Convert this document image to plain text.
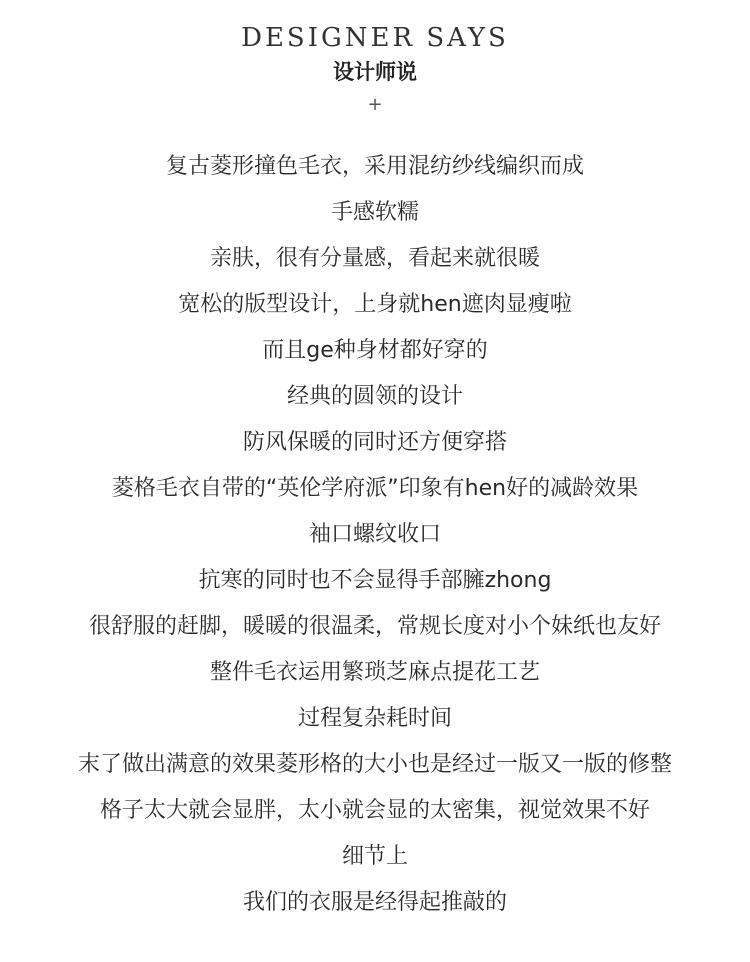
DESIGNER SAYS
设计师说
+
复古菱形撞色毛衣，采用混纺纱线编织而成
手感软糯
亲肤，很有分量感，看起来就很暖
宽松的版型设计，上身就hen遮肉显瘦啦
而且ge种身材都好穿的
经典的圆领的设计
防风保暖的同时还方便穿搭
菱格毛衣自带的“英伦学府派”印象有hen好的减龄效果
袖口螺纹收口
抗寒的同时也不会显得手部臃zhong
很舒服的赶脚，暖暖的很温柔，常规长度对小个妹纸也友好
整件毛衣运用繁琐芝麻点提花工艺
过程复杂耗时间
末了做出满意的效果菱形格的大小也是经过一版又一版的修整
格子太大就会显胖，太小就会显的太密集，视觉效果不好
细节上
我们的衣服是经得起推敲的
